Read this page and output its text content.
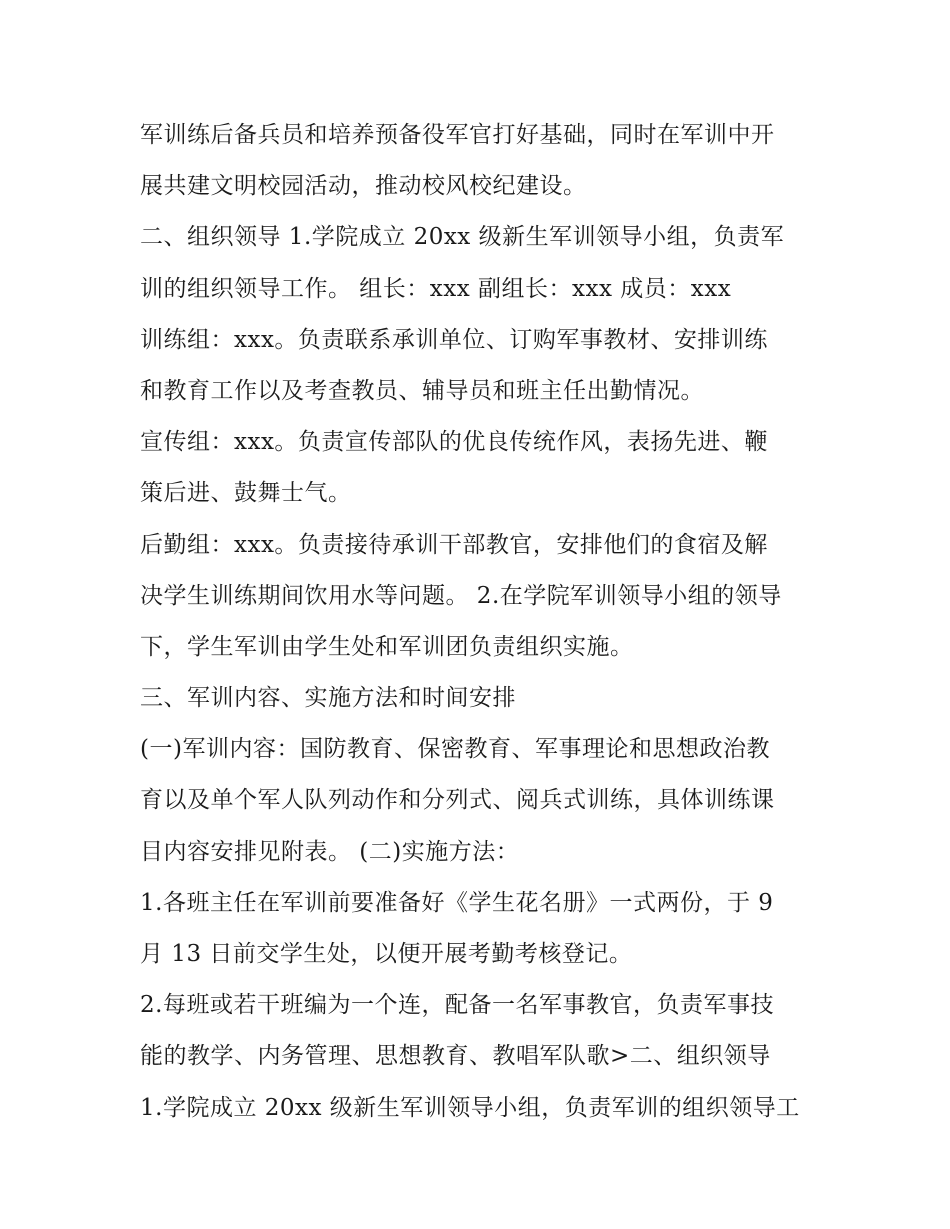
军训练后备兵员和培养预备役军官打好基础，同时在军训中开
展共建文明校园活动，推动校风校纪建设。
二、组织领导 1.学院成立 20xx 级新生军训领导小组，负责军
训的组织领导工作。 组长：xxx 副组长：xxx 成员：xxx
训练组：xxx。负责联系承训单位、订购军事教材、安排训练
和教育工作以及考查教员、辅导员和班主任出勤情况。
宣传组：xxx。负责宣传部队的优良传统作风，表扬先进、鞭
策后进、鼓舞士气。
后勤组：xxx。负责接待承训干部教官，安排他们的食宿及解
决学生训练期间饮用水等问题。 2.在学院军训领导小组的领导
下，学生军训由学生处和军训团负责组织实施。
三、军训内容、实施方法和时间安排
(一)军训内容：国防教育、保密教育、军事理论和思想政治教
育以及单个军人队列动作和分列式、阅兵式训练，具体训练课
目内容安排见附表。 (二)实施方法：
1.各班主任在军训前要准备好《学生花名册》一式两份，于 9
月 13 日前交学生处，以便开展考勤考核登记。
2.每班或若干班编为一个连，配备一名军事教官，负责军事技
能的教学、内务管理、思想教育、教唱军队歌>二、组织领导
1.学院成立 20xx 级新生军训领导小组，负责军训的组织领导工
